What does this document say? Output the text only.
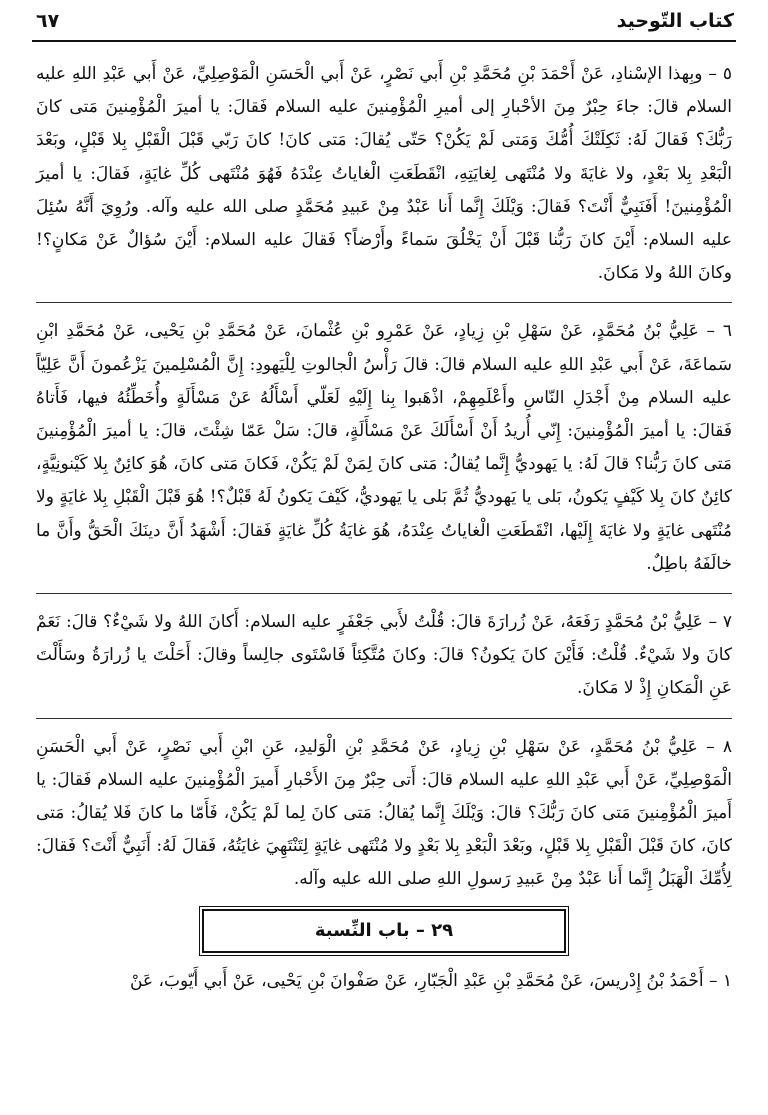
كتاب التّوحيد
٦٧

٥ – وبِهذا الإسْنادِ، عَنْ أَحْمَدَ بْنِ مُحَمَّدِ بْنِ أَبي نَصْرٍ، عَنْ أَبي الْحَسَنِ الْمَوْصِلِيِّ، عَنْ أَبي عَبْدِ اللهِ عليه السلام قالَ: جاءَ حِبْرٌ مِنَ الأحْبارِ إلى أميرِ الْمُؤْمِنينَ عليه السلام فَقالَ: يا أميرَ الْمُؤْمِنينَ مَتى كانَ رَبُّكَ؟ فَقالَ لَهُ: ثَكِلَتْكَ أُمُّكَ وَمَتى لَمْ يَكُنْ؟ حَتّى يُقالَ: مَتى كانَ! كانَ رَبّي قَبْلَ الْقَبْلِ بِلا قَبْلٍ، وبَعْدَ الْبَعْدِ بِلا بَعْدٍ، ولا غايَةَ ولا مُنْتَهى لِغايَتِهِ، انْقَطَعَتِ الْغاياتُ عِنْدَهُ فَهُوَ مُنْتَهى كُلِّ غايَةٍ، فَقالَ: يا أميرَ الْمُؤْمِنينَ! أَفَنَبِيٌّ أَنْتَ؟ فَقالَ: وَيْلَكَ إِنَّما أَنا عَبْدٌ مِنْ عَبيدِ مُحَمَّدٍ صلى الله عليه وآله. ورُوِيَ أَنَّهُ سُئِلَ عليه السلام: أَيْنَ كانَ رَبُّنا قَبْلَ أَنْ يَخْلُقَ سَماءً وأَرْضاً؟ فَقالَ عليه السلام: أَيْنَ سُؤالٌ عَنْ مَكانٍ؟! وكانَ اللهُ ولا مَكانَ.

٦ – عَلِيُّ بْنُ مُحَمَّدٍ، عَنْ سَهْلِ بْنِ زِيادٍ، عَنْ عَمْرِو بْنِ عُثْمانَ، عَنْ مُحَمَّدِ بْنِ يَحْيى، عَنْ مُحَمَّدِ ابْنِ سَماعَةَ، عَنْ أَبي عَبْدِ اللهِ عليه السلام قالَ: قالَ رَأْسُ الْجالوتِ لِلْيَهودِ: إِنَّ الْمُسْلِمينَ يَزْعُمونَ أَنَّ عَلِيّاً عليه السلام مِنْ أَجْدَلِ النّاسِ وأَعْلَمِهِمْ، اذْهَبوا بِنا إِلَيْهِ لَعَلّي أَسْأَلُهُ عَنْ مَسْأَلَةٍ وأُخَطِّئُهُ فيها، فَأَتاهُ فَقالَ: يا أميرَ الْمُؤْمِنينَ: إِنّي أُريدُ أَنْ أَسْأَلَكَ عَنْ مَسْأَلَةٍ، قالَ: سَلْ عَمّا شِئْتَ، قالَ: يا أميرَ الْمُؤْمِنينَ مَتى كانَ رَبُّنا؟ قالَ لَهُ: يا يَهوديُّ إِنَّما يُقالُ: مَتى كانَ لِمَنْ لَمْ يَكُنْ، فَكانَ مَتى كانَ، هُوَ كائِنٌ بِلا كَيْنونِيَّةٍ، كائِنٌ كانَ بِلا كَيْفٍ يَكونُ، بَلى يا يَهوديُّ ثُمَّ بَلى يا يَهوديُّ، كَيْفَ يَكونُ لَهُ قَبْلٌ؟! هُوَ قَبْلَ الْقَبْلِ بِلا غايَةٍ ولا مُنْتَهى غايَةٍ ولا غايَةَ إِلَيْها، انْقَطَعَتِ الْغاياتُ عِنْدَهُ، هُوَ غايَةُ كُلِّ غايَةٍ فَقالَ: أَشْهَدُ أَنَّ دينَكَ الْحَقُّ وأَنَّ ما خالَفَهُ باطِلٌ.

٧ – عَلِيُّ بْنُ مُحَمَّدٍ رَفَعَهُ، عَنْ زُرارَةَ قالَ: قُلْتُ لأَبي جَعْفَرٍ عليه السلام: أَكانَ اللهُ ولا شَيْءٌ؟ قالَ: نَعَمْ كانَ ولا شَيْءٌ. قُلْتُ: فَأَيْنَ كانَ يَكونُ؟ قالَ: وكانَ مُتَّكِئاً فَاسْتَوى جالِساً وقالَ: أَحَلْتَ يا زُرارَةُ وسَأَلْتَ عَنِ الْمَكانِ إِذْ لا مَكانَ.

٨ – عَلِيُّ بْنُ مُحَمَّدٍ، عَنْ سَهْلِ بْنِ زِيادٍ، عَنْ مُحَمَّدِ بْنِ الْوَليدِ، عَنِ ابْنِ أَبي نَصْرٍ، عَنْ أَبي الْحَسَنِ الْمَوْصِلِيِّ، عَنْ أَبي عَبْدِ اللهِ عليه السلام قالَ: أَتى حِبْرٌ مِنَ الأَحْبارِ أَميرَ الْمُؤْمِنينَ عليه السلام فَقالَ: يا أَميرَ الْمُؤْمِنينَ مَتى كانَ رَبُّكَ؟ قالَ: وَيْلَكَ إِنَّما يُقالُ: مَتى كانَ لِما لَمْ يَكُنْ، فَأَمّا ما كانَ فَلا يُقالُ: مَتى كانَ، كانَ قَبْلَ الْقَبْلِ بِلا قَبْلٍ، وبَعْدَ الْبَعْدِ بِلا بَعْدٍ ولا مُنْتَهى غايَةٍ لِتَنْتَهِيَ غايَتُهُ، فَقالَ لَهُ: أَنَبِيٌّ أَنْتَ؟ فَقالَ: لِأُمِّكَ الْهَبَلُ إِنَّما أَنا عَبْدٌ مِنْ عَبيدِ رَسولِ اللهِ صلى الله عليه وآله.

٢٩ – باب النِّسبة

١ – أَحْمَدُ بْنُ إِدْريسَ، عَنْ مُحَمَّدِ بْنِ عَبْدِ الْجَبّارِ، عَنْ صَفْوانَ بْنِ يَحْيى، عَنْ أَبي أَيّوبَ، عَنْ
